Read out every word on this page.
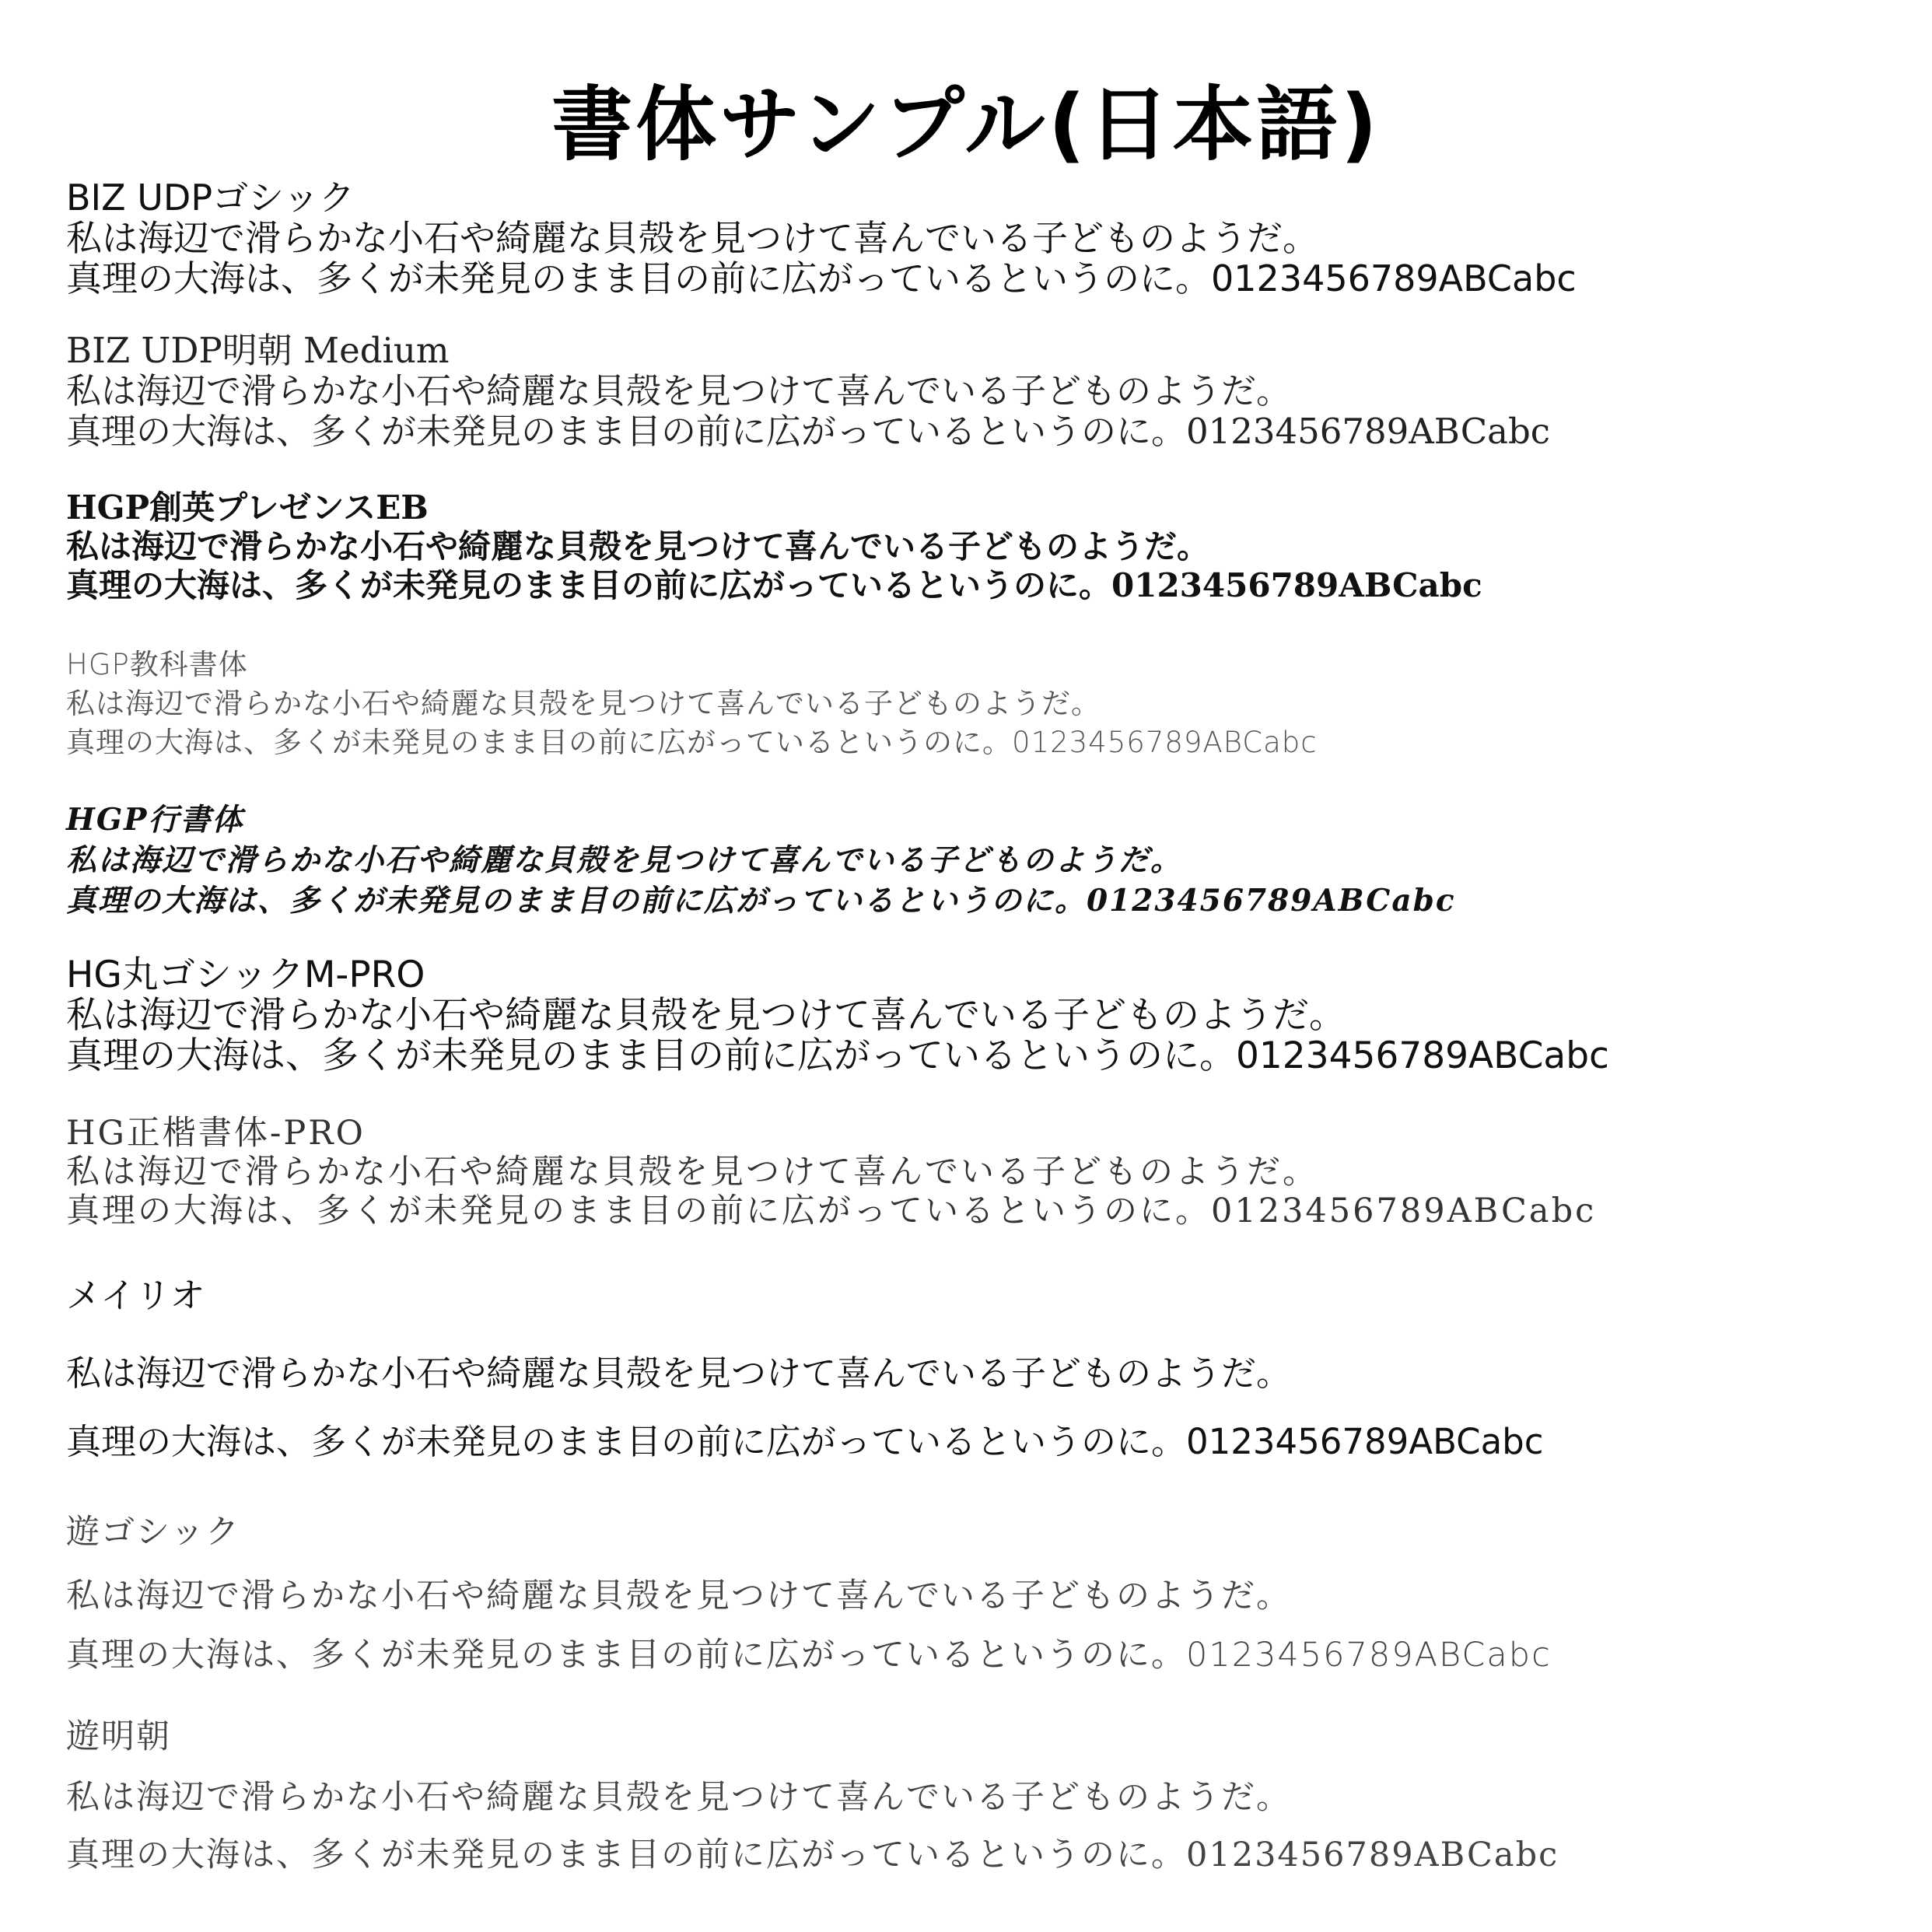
書体サンプル(日本語)
BIZ UDPゴシック
私は海辺で滑らかな小石や綺麗な貝殻を見つけて喜んでいる子どものようだ。
真理の大海は、多くが未発見のまま目の前に広がっているというのに。0123456789ABCabc
BIZ UDP明朝 Medium
私は海辺で滑らかな小石や綺麗な貝殻を見つけて喜んでいる子どものようだ。
真理の大海は、多くが未発見のまま目の前に広がっているというのに。0123456789ABCabc
HGP創英プレゼンスEB
私は海辺で滑らかな小石や綺麗な貝殻を見つけて喜んでいる子どものようだ。
真理の大海は、多くが未発見のまま目の前に広がっているというのに。0123456789ABCabc
HGP教科書体
私は海辺で滑らかな小石や綺麗な貝殻を見つけて喜んでいる子どものようだ。
真理の大海は、多くが未発見のまま目の前に広がっているというのに。0123456789ABCabc
HGP行書体
私は海辺で滑らかな小石や綺麗な貝殻を見つけて喜んでいる子どものようだ。
真理の大海は、多くが未発見のまま目の前に広がっているというのに。0123456789ABCabc
HG丸ゴシックM-PRO
私は海辺で滑らかな小石や綺麗な貝殻を見つけて喜んでいる子どものようだ。
真理の大海は、多くが未発見のまま目の前に広がっているというのに。0123456789ABCabc
HG正楷書体-PRO
私は海辺で滑らかな小石や綺麗な貝殻を見つけて喜んでいる子どものようだ。
真理の大海は、多くが未発見のまま目の前に広がっているというのに。0123456789ABCabc
メイリオ
私は海辺で滑らかな小石や綺麗な貝殻を見つけて喜んでいる子どものようだ。
真理の大海は、多くが未発見のまま目の前に広がっているというのに。0123456789ABCabc
遊ゴシック
私は海辺で滑らかな小石や綺麗な貝殻を見つけて喜んでいる子どものようだ。
真理の大海は、多くが未発見のまま目の前に広がっているというのに。0123456789ABCabc
遊明朝
私は海辺で滑らかな小石や綺麗な貝殻を見つけて喜んでいる子どものようだ。
真理の大海は、多くが未発見のまま目の前に広がっているというのに。0123456789ABCabc
